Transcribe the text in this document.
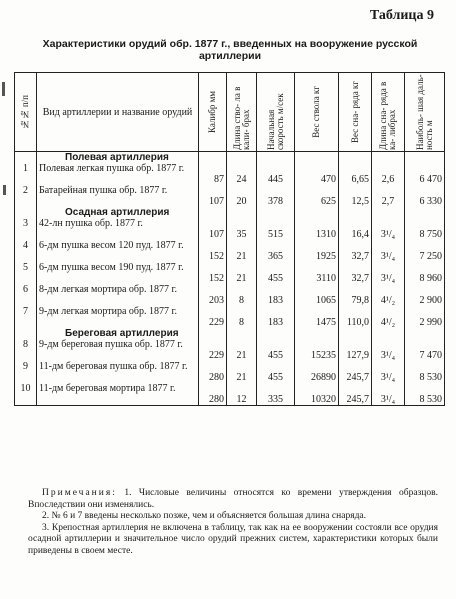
Таблица 9
Характеристики орудий обр. 1877 г., введенных на вооружение русской артиллерии
№№ п/п	Вид артиллерии и название орудий	Калибр мм	Длина ство- ла в кали- брах	Начальная скорость м/сек	Вес ствола кг	Вес сна- ряда кг	Длина сна- ряда в ка- либрах	Наиболь- шая даль- ность м

	Полевая артиллерия							
1	Полевая легкая пушка обр. 1877 г.	87	24	445	470	6,65	2,6	6 470
2	Батарейная пушка обр. 1877 г.	107	20	378	625	12,5	2,7	6 330
	Осадная артиллерия							
3	42-лн пушка обр. 1877 г.	107	35	515	1310	16,4	3¹/₄	8 750
4	6-дм пушка весом 120 пуд. 1877 г.	152	21	365	1925	32,7	3¹/₄	7 250
5	6-дм пушка весом 190 пуд. 1877 г.	152	21	455	3110	32,7	3¹/₄	8 960
6	8-дм легкая мортира обр. 1877 г.	203	8	183	1065	79,8	4¹/₂	2 900
7	9-дм легкая мортира обр. 1877 г.	229	8	183	1475	110,0	4¹/₂	2 990
	Береговая артиллерия							
8	9-дм береговая пушка обр. 1877 г.	229	21	455	15235	127,9	3¹/₄	7 470
9	11-дм береговая пушка обр. 1877 г.	280	21	455	26890	245,7	3¹/₄	8 530
10	11-дм береговая мортира 1877 г.	280	12	335	10320	245,7	3¹/₄	8 530

Примечания: 1. Числовые величины относятся ко времени утверждения образцов. Впоследствии они изменялись.

2. № 6 и 7 введены несколько позже, чем и объясняется большая длина снаряда.

3. Крепостная артиллерия не включена в таблицу, так как на ее вооружении состояли все орудия осадной артиллерии и значительное число орудий прежних систем, характеристики которых были приведены в своем месте.
